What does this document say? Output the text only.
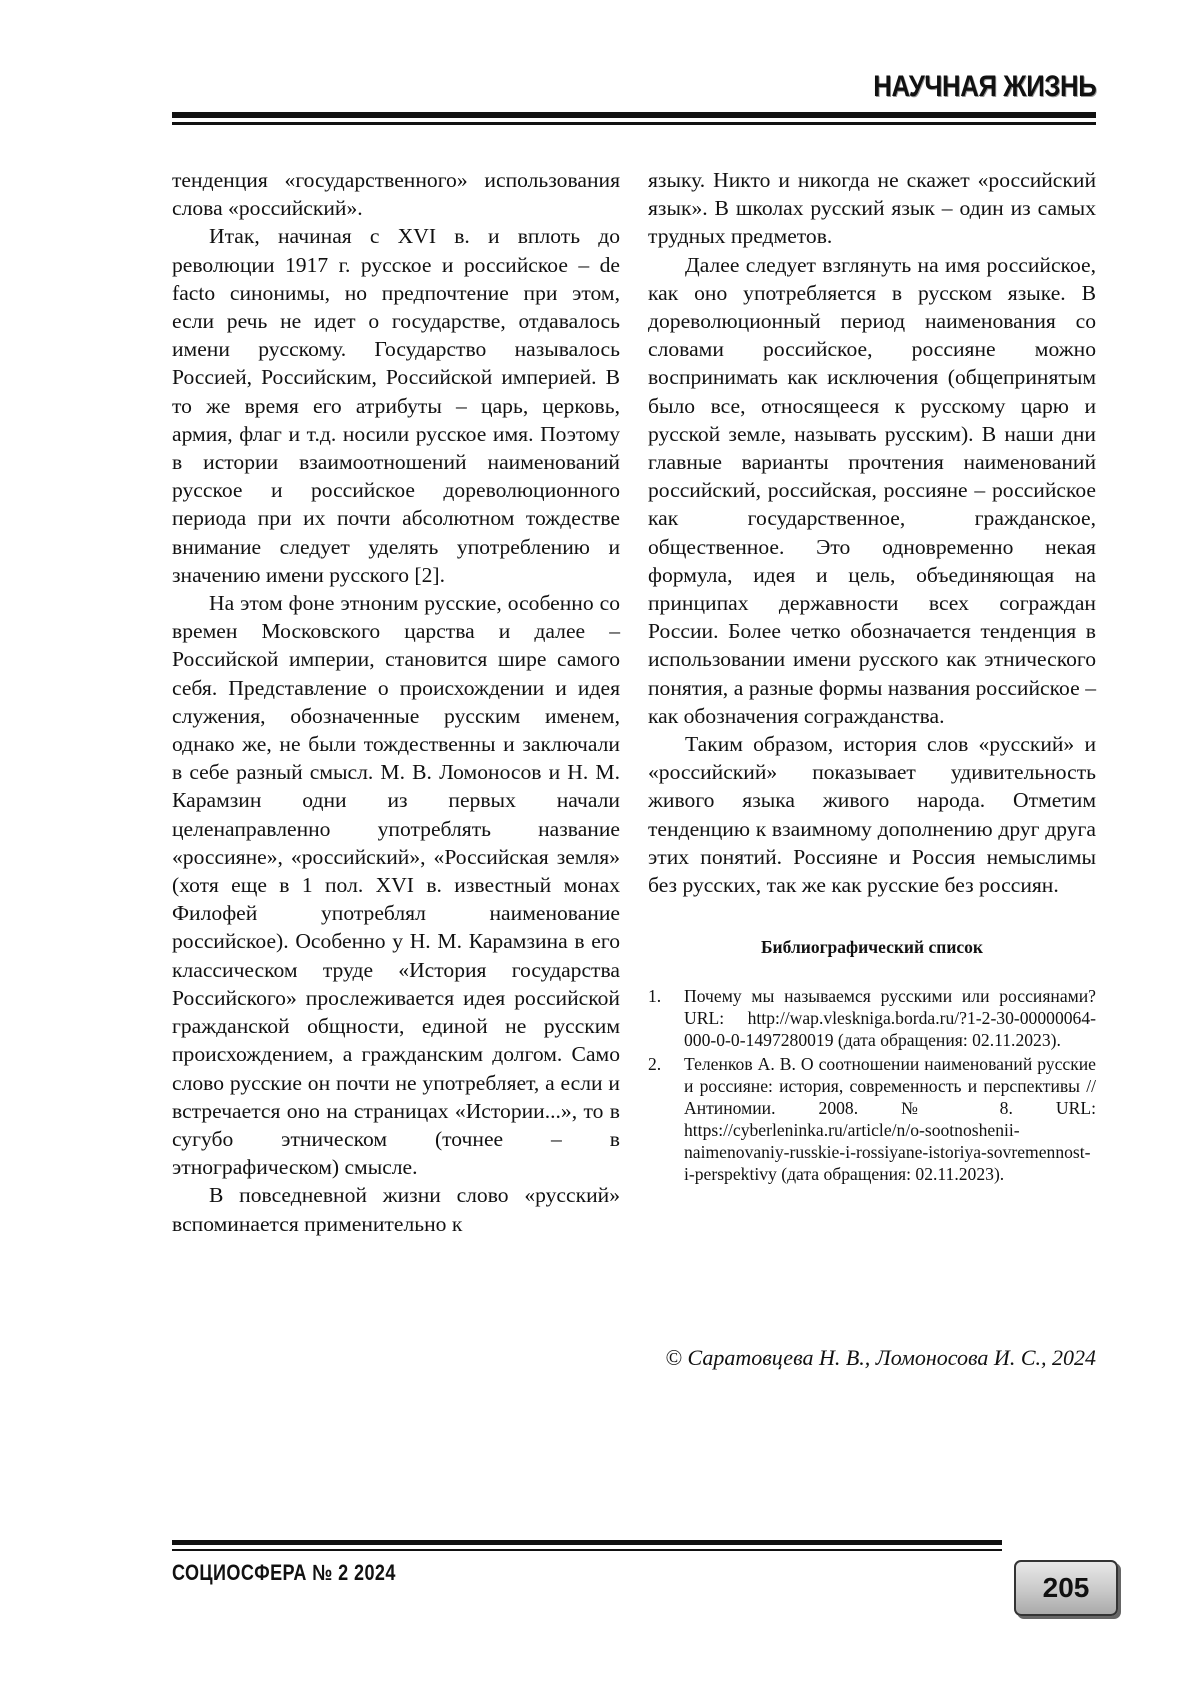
НАУЧНАЯ ЖИЗНЬ

тенденция «государственного» использования слова «российский».

Итак, начиная с XVI в. и вплоть до революции 1917 г. русское и российское – de facto синонимы, но предпочтение при этом, если речь не идет о государстве, отдавалось имени русскому. Государство называлось Россией, Российским, Российской империей. В то же время его атрибуты – царь, церковь, армия, флаг и т.д. носили русское имя. Поэтому в истории взаимоотношений наименований русское и российское дореволюционного периода при их почти абсолютном тождестве внимание следует уделять употреблению и значению имени русского [2].

На этом фоне этноним русские, особенно со времен Московского царства и далее – Российской империи, становится шире самого себя. Представление о происхождении и идея служения, обозначенные русским именем, однако же, не были тождественны и заключали в себе разный смысл. М. В. Ломоносов и Н. М. Карамзин одни из первых начали целенаправленно употреблять название «россияне», «российский», «Российская земля» (хотя еще в 1 пол. XVI в. известный монах Филофей употреблял наименование российское). Особенно у Н. М. Карамзина в его классическом труде «История государства Российского» прослеживается идея российской гражданской общности, единой не русским происхождением, а гражданским долгом. Само слово русские он почти не употребляет, а если и встречается оно на страницах «Истории...», то в сугубо этническом (точнее – в этнографическом) смысле.

В повседневной жизни слово «русский» вспоминается применительно к

языку. Никто и никогда не скажет «российский язык». В школах русский язык – один из самых трудных предметов.

Далее следует взглянуть на имя российское, как оно употребляется в русском языке. В дореволюционный период наименования со словами российское, россияне можно воспринимать как исключения (общепринятым было все, относящееся к русскому царю и русской земле, называть русским). В наши дни главные варианты прочтения наименований российский, российская, россияне – российское как государственное, гражданское, общественное. Это одновременно некая формула, идея и цель, объединяющая на принципах державности всех сограждан России. Более четко обозначается тенденция в использовании имени русского как этнического понятия, а разные формы названия российское – как обозначения согражданства.

Таким образом, история слов «русский» и «российский» показывает удивительность живого языка живого народа. Отметим тенденцию к взаимному дополнению друг друга этих понятий. Россияне и Россия немыслимы без русских, так же как русские без россиян.

Библиографический список
1. Почему мы называемся русскими или россиянами? URL: http://wap.vleskniga.borda.ru/?1-2-30-00000064-000-0-0-1497280019 (дата обращения: 02.11.2023).
2. Теленков А. В. О соотношении наименований русские и россияне: история, современность и перспективы // Антиномии. 2008. № 8. URL: https://cyberleninka.ru/article/n/o-sootnoshenii-naimenovaniy-russkie-i-rossiyane-istoriya-sovremennost-i-perspektivy (дата обращения: 02.11.2023).
© Саратовцева Н. В., Ломоносова И. С., 2024
СОЦИОСФЕРА № 2 2024	205
